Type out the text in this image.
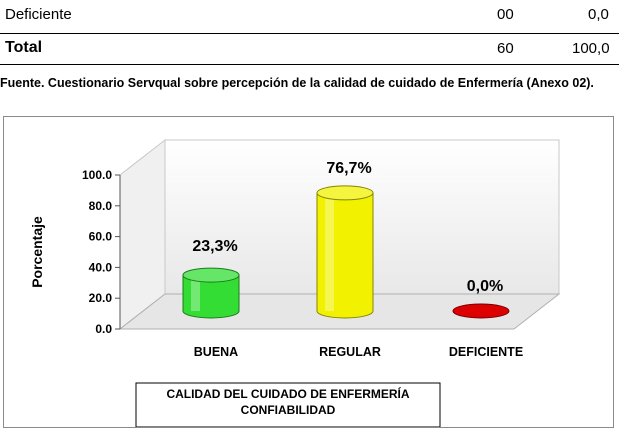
Deficiente	00	0,0
Total	60	100,0
Fuente. Cuestionario Servqual sobre percepción de la calidad de cuidado de Enfermería (Anexo 02).
0.0
20.0
40.0
60.0
80.0
100.0
Porcentaje	23,3%
BUENA
76,7%
REGULAR
0,0%
DEFICIENTE
CALIDAD DEL CUIDADO DE ENFERMERÍA
CONFIABILIDAD
